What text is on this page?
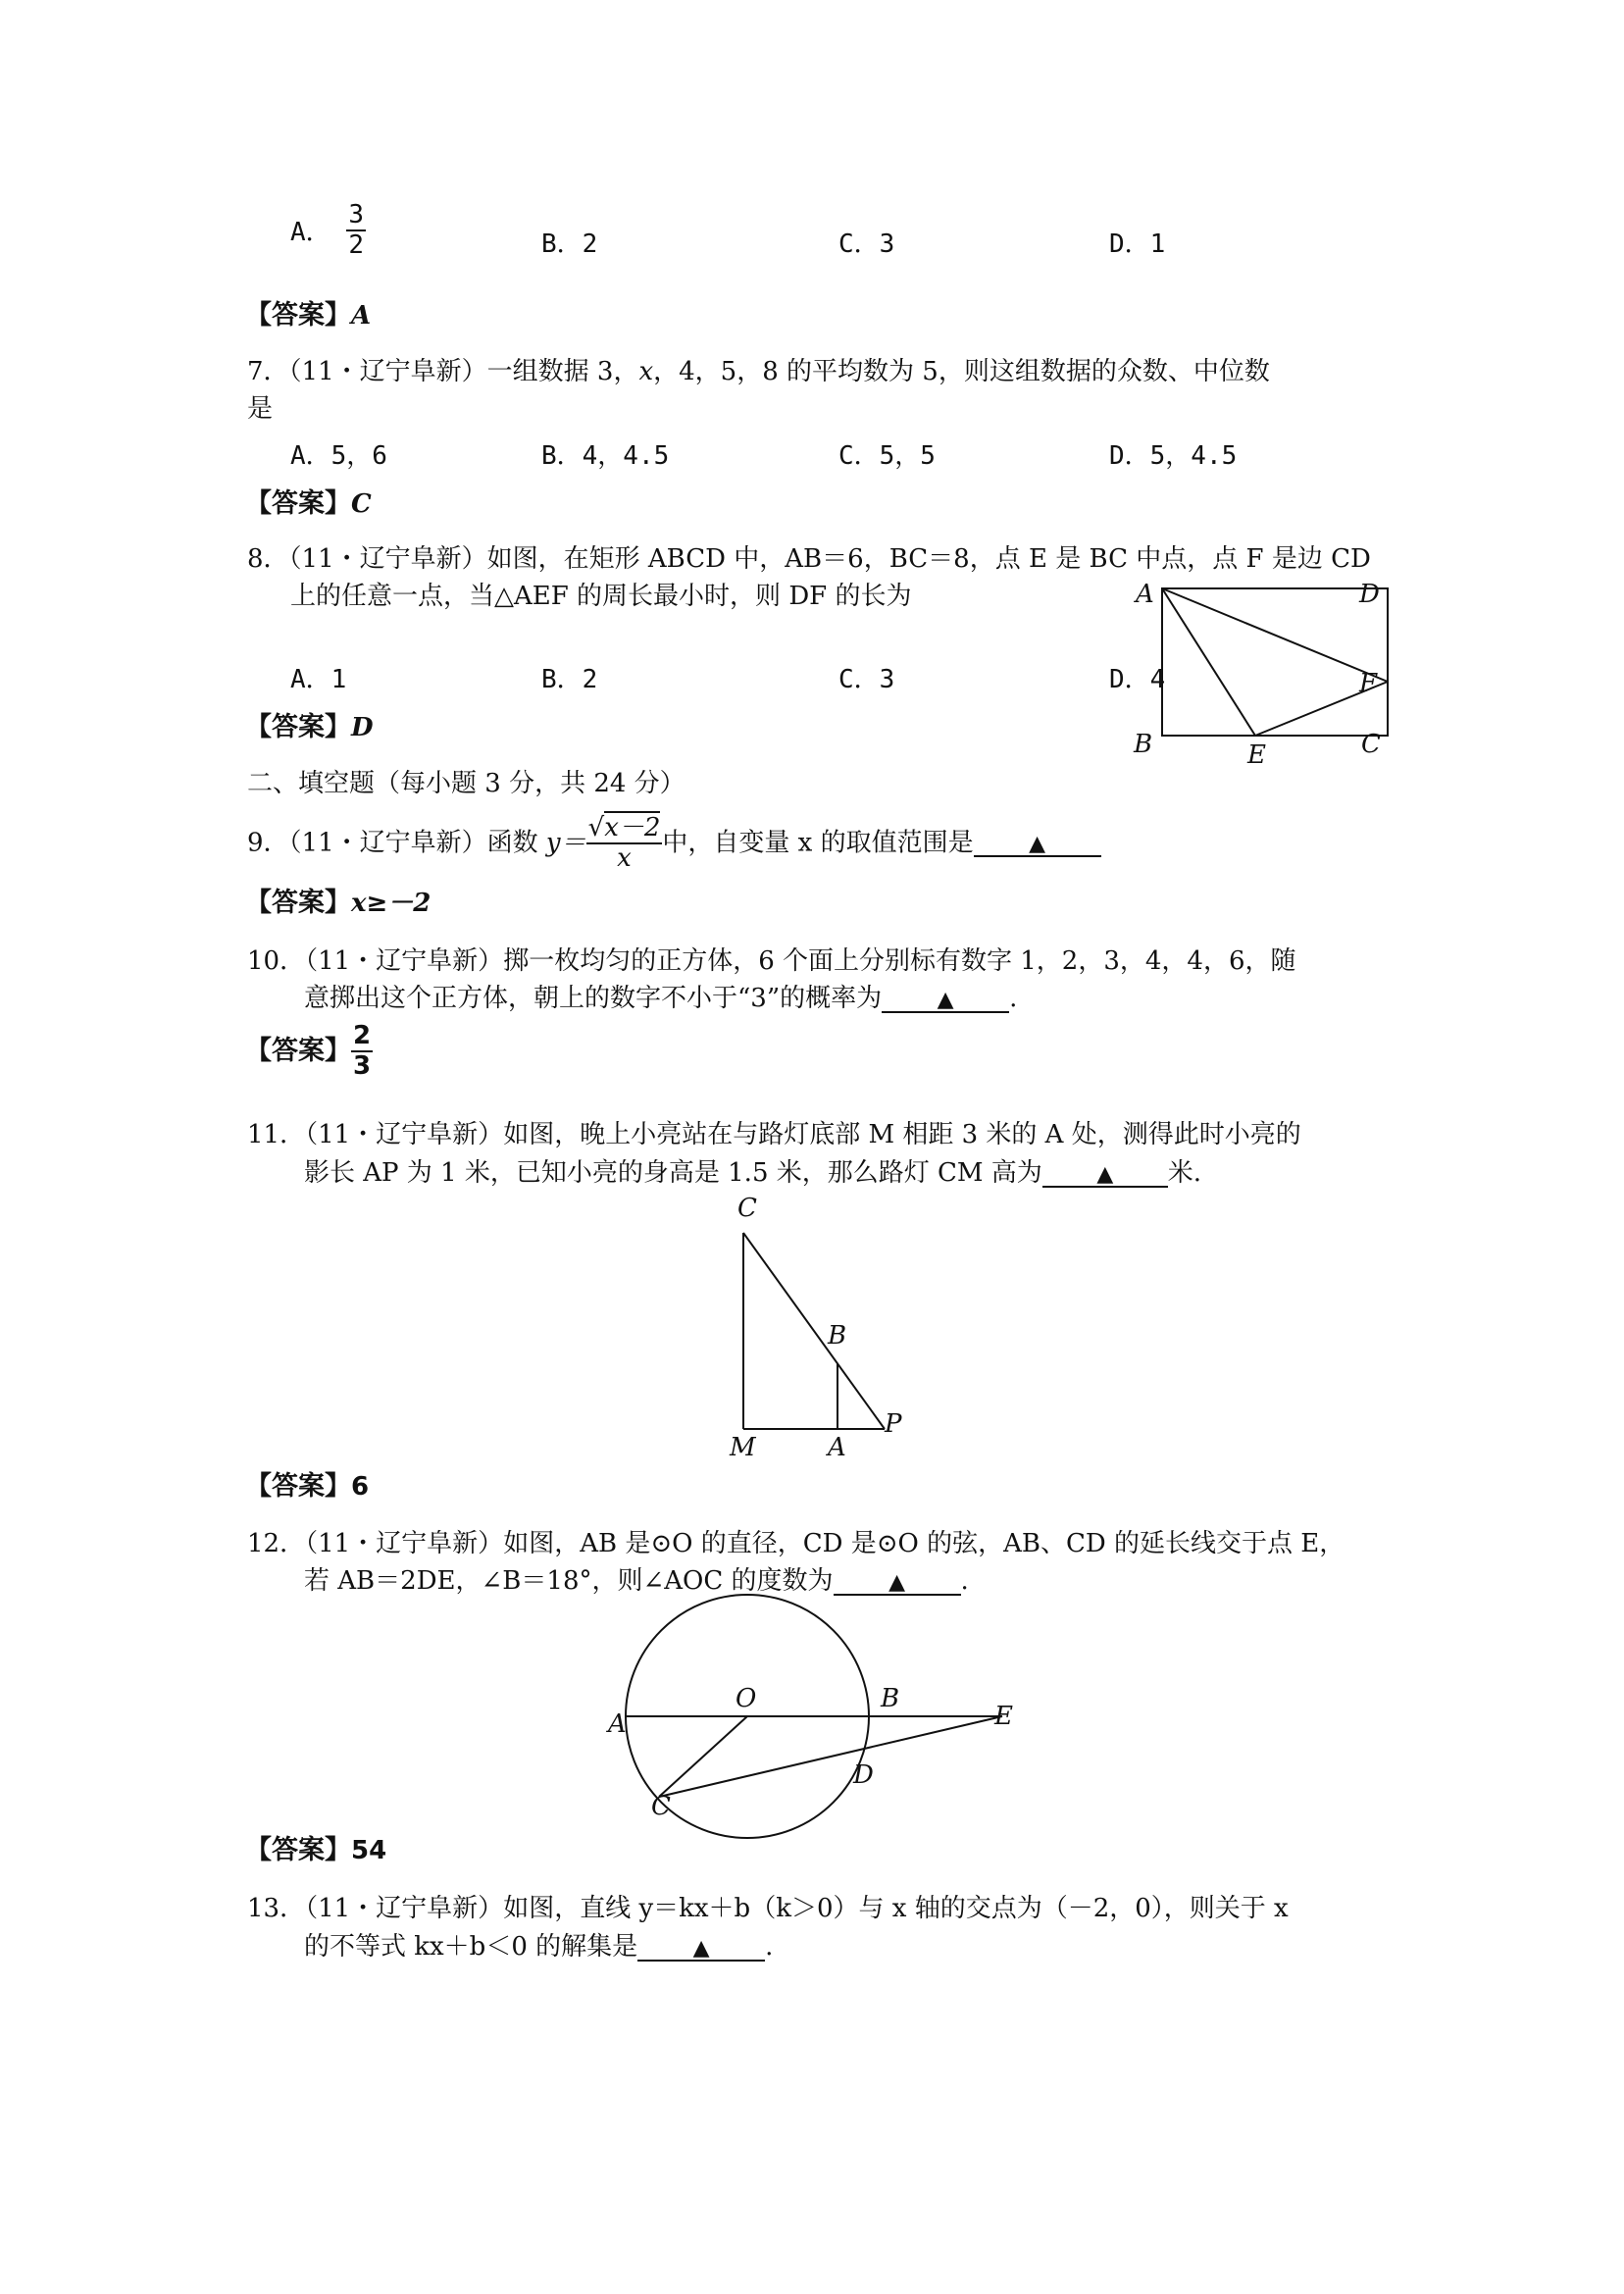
A． $\frac{3}{2}$	B．2	C．3	D．1
【答案】A
7．（11・辽宁阜新）一组数据 3，x，4，5，8 的平均数为 5，则这组数据的众数、中位数
是
A．5，6	B．4，4.5	C．5，5	D．5，4.5
【答案】C
8．（11・辽宁阜新）如图，在矩形 ABCD 中，AB＝6，BC＝8，点 E 是 BC 中点，点 F 是边 CD
上的任意一点，当△AEF 的周长最小时，则 DF 的长为
A．1	B．2	C．3	D．4
A	D
F
B	E	C
【答案】D
二、填空题（每小题 3 分，共 24 分）
9．（11・辽宁阜新）函数 $y= \frac{√x-2}{x}$ 中，自变量 x 的取值范围是	▲
【答案】x≥－2
10．（11・辽宁阜新）掷一枚均匀的正方体，6 个面上分别标有数字 1，2，3，4，4，6，随
意掷出这个正方体，朝上的数字不小于“3”的概率为	▲ .
【答案】 $\frac{2}{3}$
11．（11・辽宁阜新）如图，晚上小亮站在与路灯底部 M 相距 3 米的 A 处，测得此时小亮的
影长 AP 为 1 米，已知小亮的身高是 1.5 米，那么路灯 CM 高为	▲ 米.
C
B
P
M	A
【答案】6
12．（11・辽宁阜新）如图，AB 是⊙O 的直径，CD 是⊙O 的弦，AB、CD 的延长线交于点 E，
若 AB＝2DE，∠B＝18°，则∠AOC 的度数为	▲ .
O	B
E
A
D
C
【答案】54
13．（11・辽宁阜新）如图，直线 y＝kx＋b（k＞0）与 x 轴的交点为（－2，0），则关于 x
的不等式 kx＋b＜0 的解集是	▲ .
